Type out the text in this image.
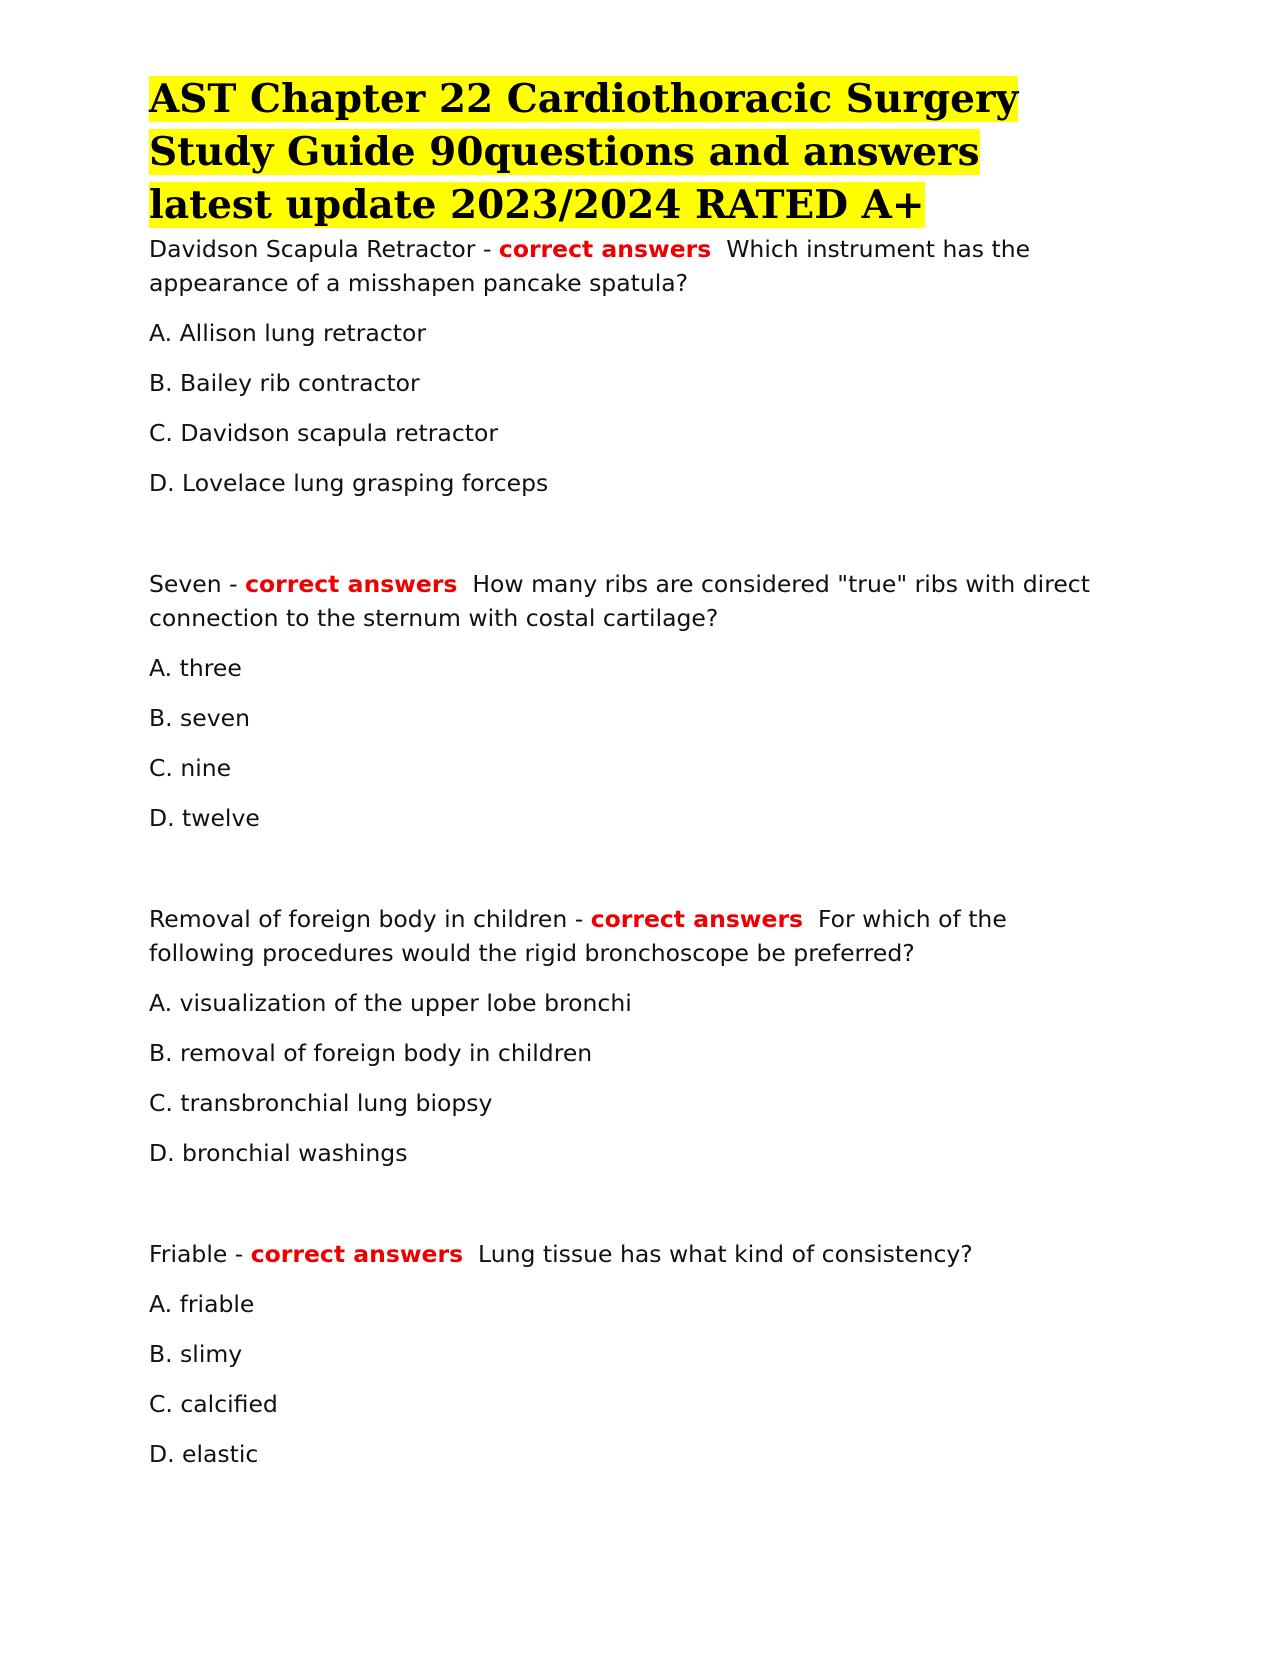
AST Chapter 22 Cardiothoracic Surgery Study Guide 90questions and answers latest update 2023/2024 RATED A+

Davidson Scapula Retractor - correct answers Which instrument has the appearance of a misshapen pancake spatula?

A. Allison lung retractor

B. Bailey rib contractor

C. Davidson scapula retractor

D. Lovelace lung grasping forceps

Seven - correct answers How many ribs are considered "true" ribs with direct connection to the sternum with costal cartilage?

A. three

B. seven

C. nine

D. twelve

Removal of foreign body in children - correct answers For which of the following procedures would the rigid bronchoscope be preferred?

A. visualization of the upper lobe bronchi

B. removal of foreign body in children

C. transbronchial lung biopsy

D. bronchial washings

Friable - correct answers Lung tissue has what kind of consistency?

A. friable

B. slimy

C. calcified

D. elastic
